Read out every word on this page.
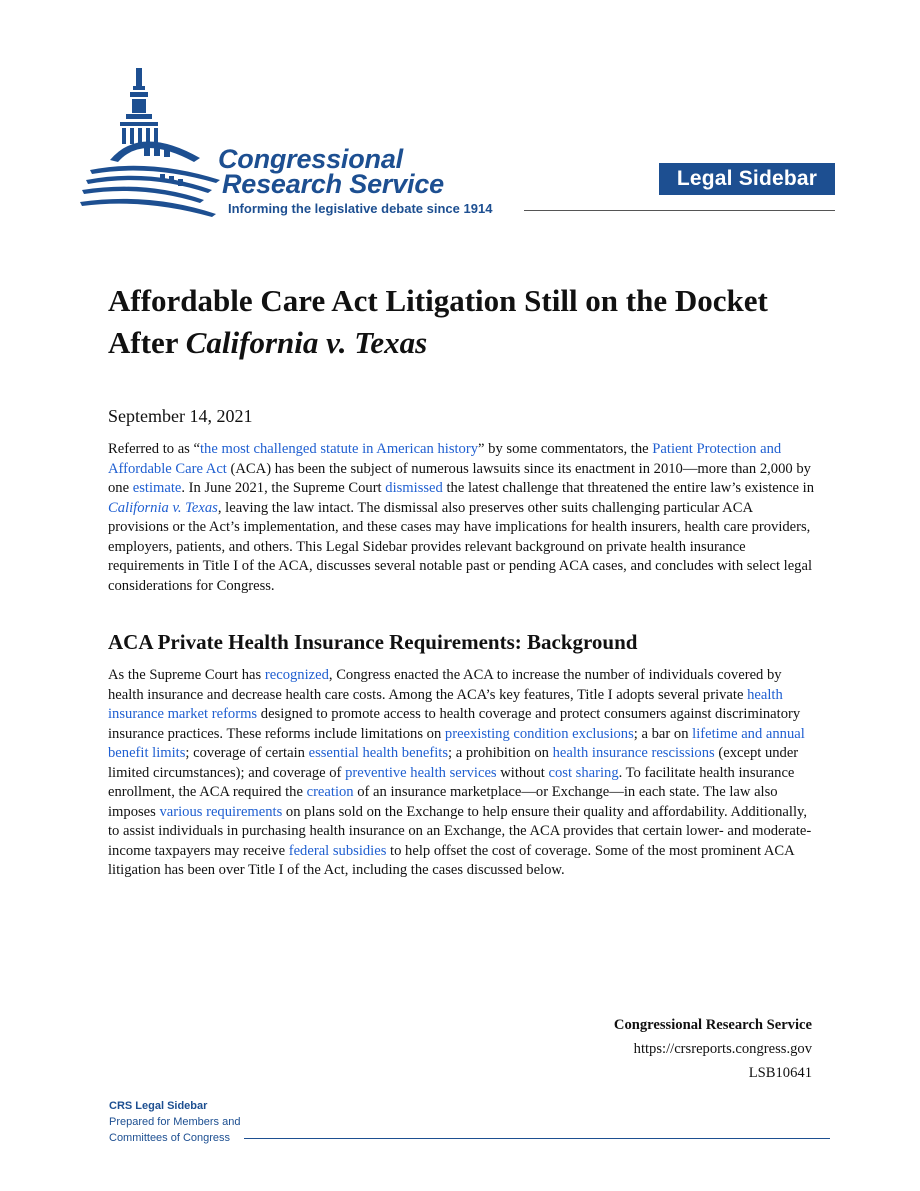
Congressional
Research Service
Informing the legislative debate since 1914
Legal Sidebar
Affordable Care Act Litigation Still on the Docket After California v. Texas

September 14, 2021

Referred to as “the most challenged statute in American history” by some commentators, the Patient Protection and Affordable Care Act (ACA) has been the subject of numerous lawsuits since its enactment in 2010—more than 2,000 by one estimate. In June 2021, the Supreme Court dismissed the latest challenge that threatened the entire law’s existence in California v. Texas, leaving the law intact. The dismissal also preserves other suits challenging particular ACA provisions or the Act’s implementation, and these cases may have implications for health insurers, health care providers, employers, patients, and others. This Legal Sidebar provides relevant background on private health insurance requirements in Title I of the ACA, discusses several notable past or pending ACA cases, and concludes with select legal considerations for Congress.

ACA Private Health Insurance Requirements: Background

As the Supreme Court has recognized, Congress enacted the ACA to increase the number of individuals covered by health insurance and decrease health care costs. Among the ACA’s key features, Title I adopts several private health insurance market reforms designed to promote access to health coverage and protect consumers against discriminatory insurance practices. These reforms include limitations on preexisting condition exclusions; a bar on lifetime and annual benefit limits; coverage of certain essential health benefits; a prohibition on health insurance rescissions (except under limited circumstances); and coverage of preventive health services without cost sharing. To facilitate health insurance enrollment, the ACA required the creation of an insurance marketplace—or Exchange—in each state. The law also imposes various requirements on plans sold on the Exchange to help ensure their quality and affordability. Additionally, to assist individuals in purchasing health insurance on an Exchange, the ACA provides that certain lower- and moderate-income taxpayers may receive federal subsidies to help offset the cost of coverage. Some of the most prominent ACA litigation has been over Title I of the Act, including the cases discussed below.

Congressional Research Service
https://crsreports.congress.gov
LSB10641
CRS Legal Sidebar
Prepared for Members and
Committees of Congress
